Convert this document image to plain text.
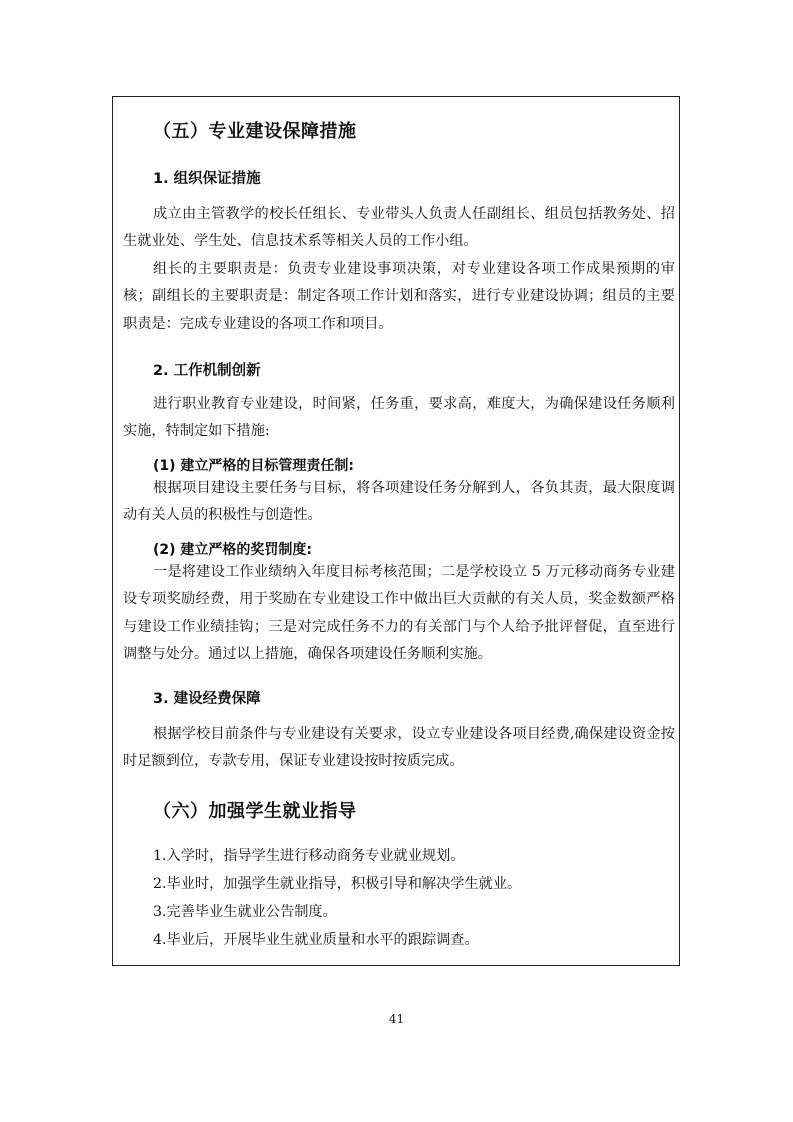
（五）专业建设保障措施
1. 组织保证措施

成立由主管教学的校长任组长、专业带头人负责人任副组长、组员包括教务处、招生就业处、学生处、信息技术系等相关人员的工作小组。

组长的主要职责是：负责专业建设事项决策，对专业建设各项工作成果预期的审核；副组长的主要职责是：制定各项工作计划和落实，进行专业建设协调；组员的主要职责是：完成专业建设的各项工作和项目。

2. 工作机制创新

进行职业教育专业建设，时间紧，任务重，要求高，难度大，为确保建设任务顺利实施，特制定如下措施:

(1) 建立严格的目标管理责任制:

根据项目建设主要任务与目标，将各项建设任务分解到人，各负其责，最大限度调动有关人员的积极性与创造性。

(2) 建立严格的奖罚制度:

一是将建设工作业绩纳入年度目标考核范围；二是学校设立 5 万元移动商务专业建设专项奖励经费，用于奖励在专业建设工作中做出巨大贡献的有关人员，奖金数额严格与建设工作业绩挂钩；三是对完成任务不力的有关部门与个人给予批评督促，直至进行调整与处分。通过以上措施，确保各项建设任务顺利实施。

3. 建设经费保障

根据学校目前条件与专业建设有关要求，设立专业建设各项目经费,确保建设资金按时足额到位，专款专用，保证专业建设按时按质完成。

（六）加强学生就业指导
1.入学时，指导学生进行移动商务专业就业规划。
2.毕业时，加强学生就业指导，积极引导和解决学生就业。
3.完善毕业生就业公告制度。
4.毕业后，开展毕业生就业质量和水平的跟踪调查。
41
